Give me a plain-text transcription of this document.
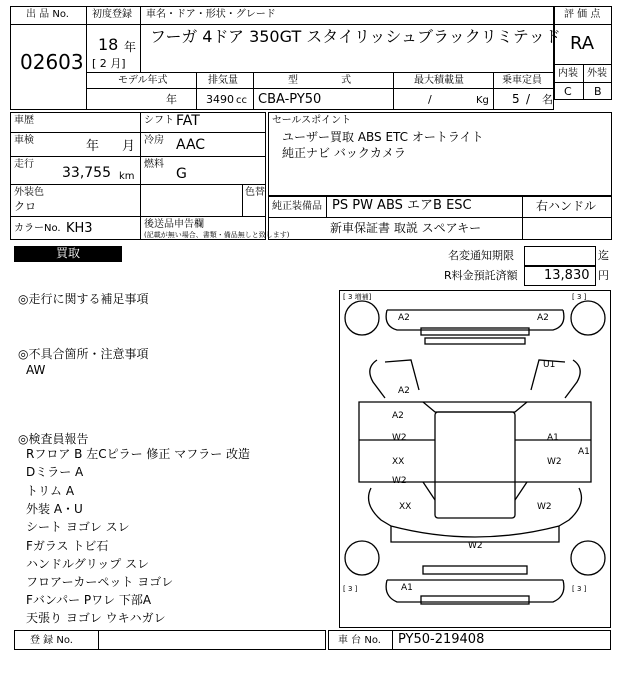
出 品 No.
02603
初度登録
18 年
[ 2 月]
車名・ドア・形状・グレード
フーガ 4ドア 350GT スタイリッシュブラックリミテッド
評 価 点
RA
内装 外装
C B
モデル年式
年
排気量
3490 cc
型 式
CBA-PY50
最大積載量
/	Kg
乗車定員
5 / 名
車歴
車検	年 月
走行
33,755 km
シフト FAT
冷房 AAC
燃料
G
外装色
クロ
色替
カラーNo. KH3	後送品申告欄
(記載が無い場合、書類・備品無しと致します)
セールスポイント
ユーザー買取 ABS ETC オートライト
純正ナビ バックカメラ
純正装備品 PS PW ABS エアB ESC	右ハンドル
新車保証書 取説 スペアキー
買取	名変通知期限	迄
R料金預託済額 13,830 円
◎走行に関する補足事項
◎不具合箇所・注意事項
AW
◎検査員報告
Rフロア B 左Cピラー 修正 マフラー 改造
Dミラー A
トリム A
外装 A・U
シート ヨゴレ スレ
Fガラス トビ石
ハンドルグリップ スレ
フロアーカーペット ヨゴレ
Fバンパー Pワレ 下部A
天張り ヨゴレ ウキハガレ
[ 3 増補]	[ 3 ]
[ 3 ]	[ 3 ]
A2	A2
A2
U1
A2
W2
XX
W2
XX
A1
A1
W2
W2
W2
A1
登 録 No.	車 台 No. PY50-219408
